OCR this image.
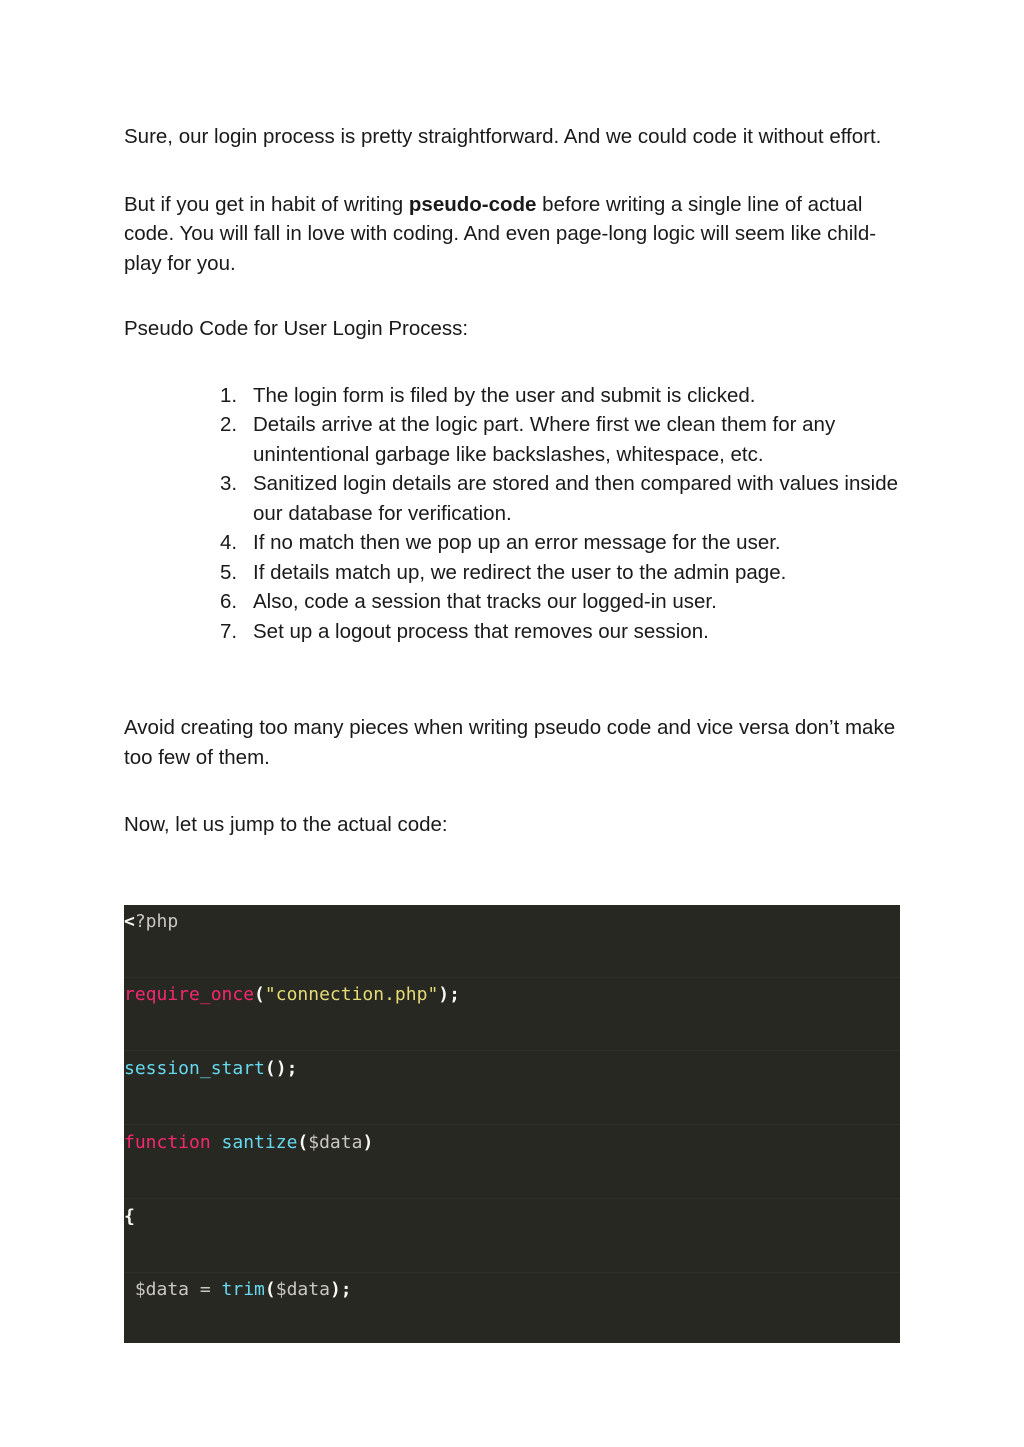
Sure, our login process is pretty straightforward. And we could code it without effort.

But if you get in habit of writing pseudo-code before writing a single line of actual code. You will fall in love with coding. And even page-long logic will seem like child-play for you.

Pseudo Code for User Login Process:

1. The login form is filed by the user and submit is clicked.
2. Details arrive at the logic part. Where first we clean them for any unintentional garbage like backslashes, whitespace, etc.
3. Sanitized login details are stored and then compared with values inside our database for verification.
4. If no match then we pop up an error message for the user.
5. If details match up, we redirect the user to the admin page.
6. Also, code a session that tracks our logged-in user.
7. Set up a logout process that removes our session.

Avoid creating too many pieces when writing pseudo code and vice versa don’t make too few of them.

Now, let us jump to the actual code:

<?php
require_once("connection.php");
session_start();
function santize($data)
{
$data = trim($data);
